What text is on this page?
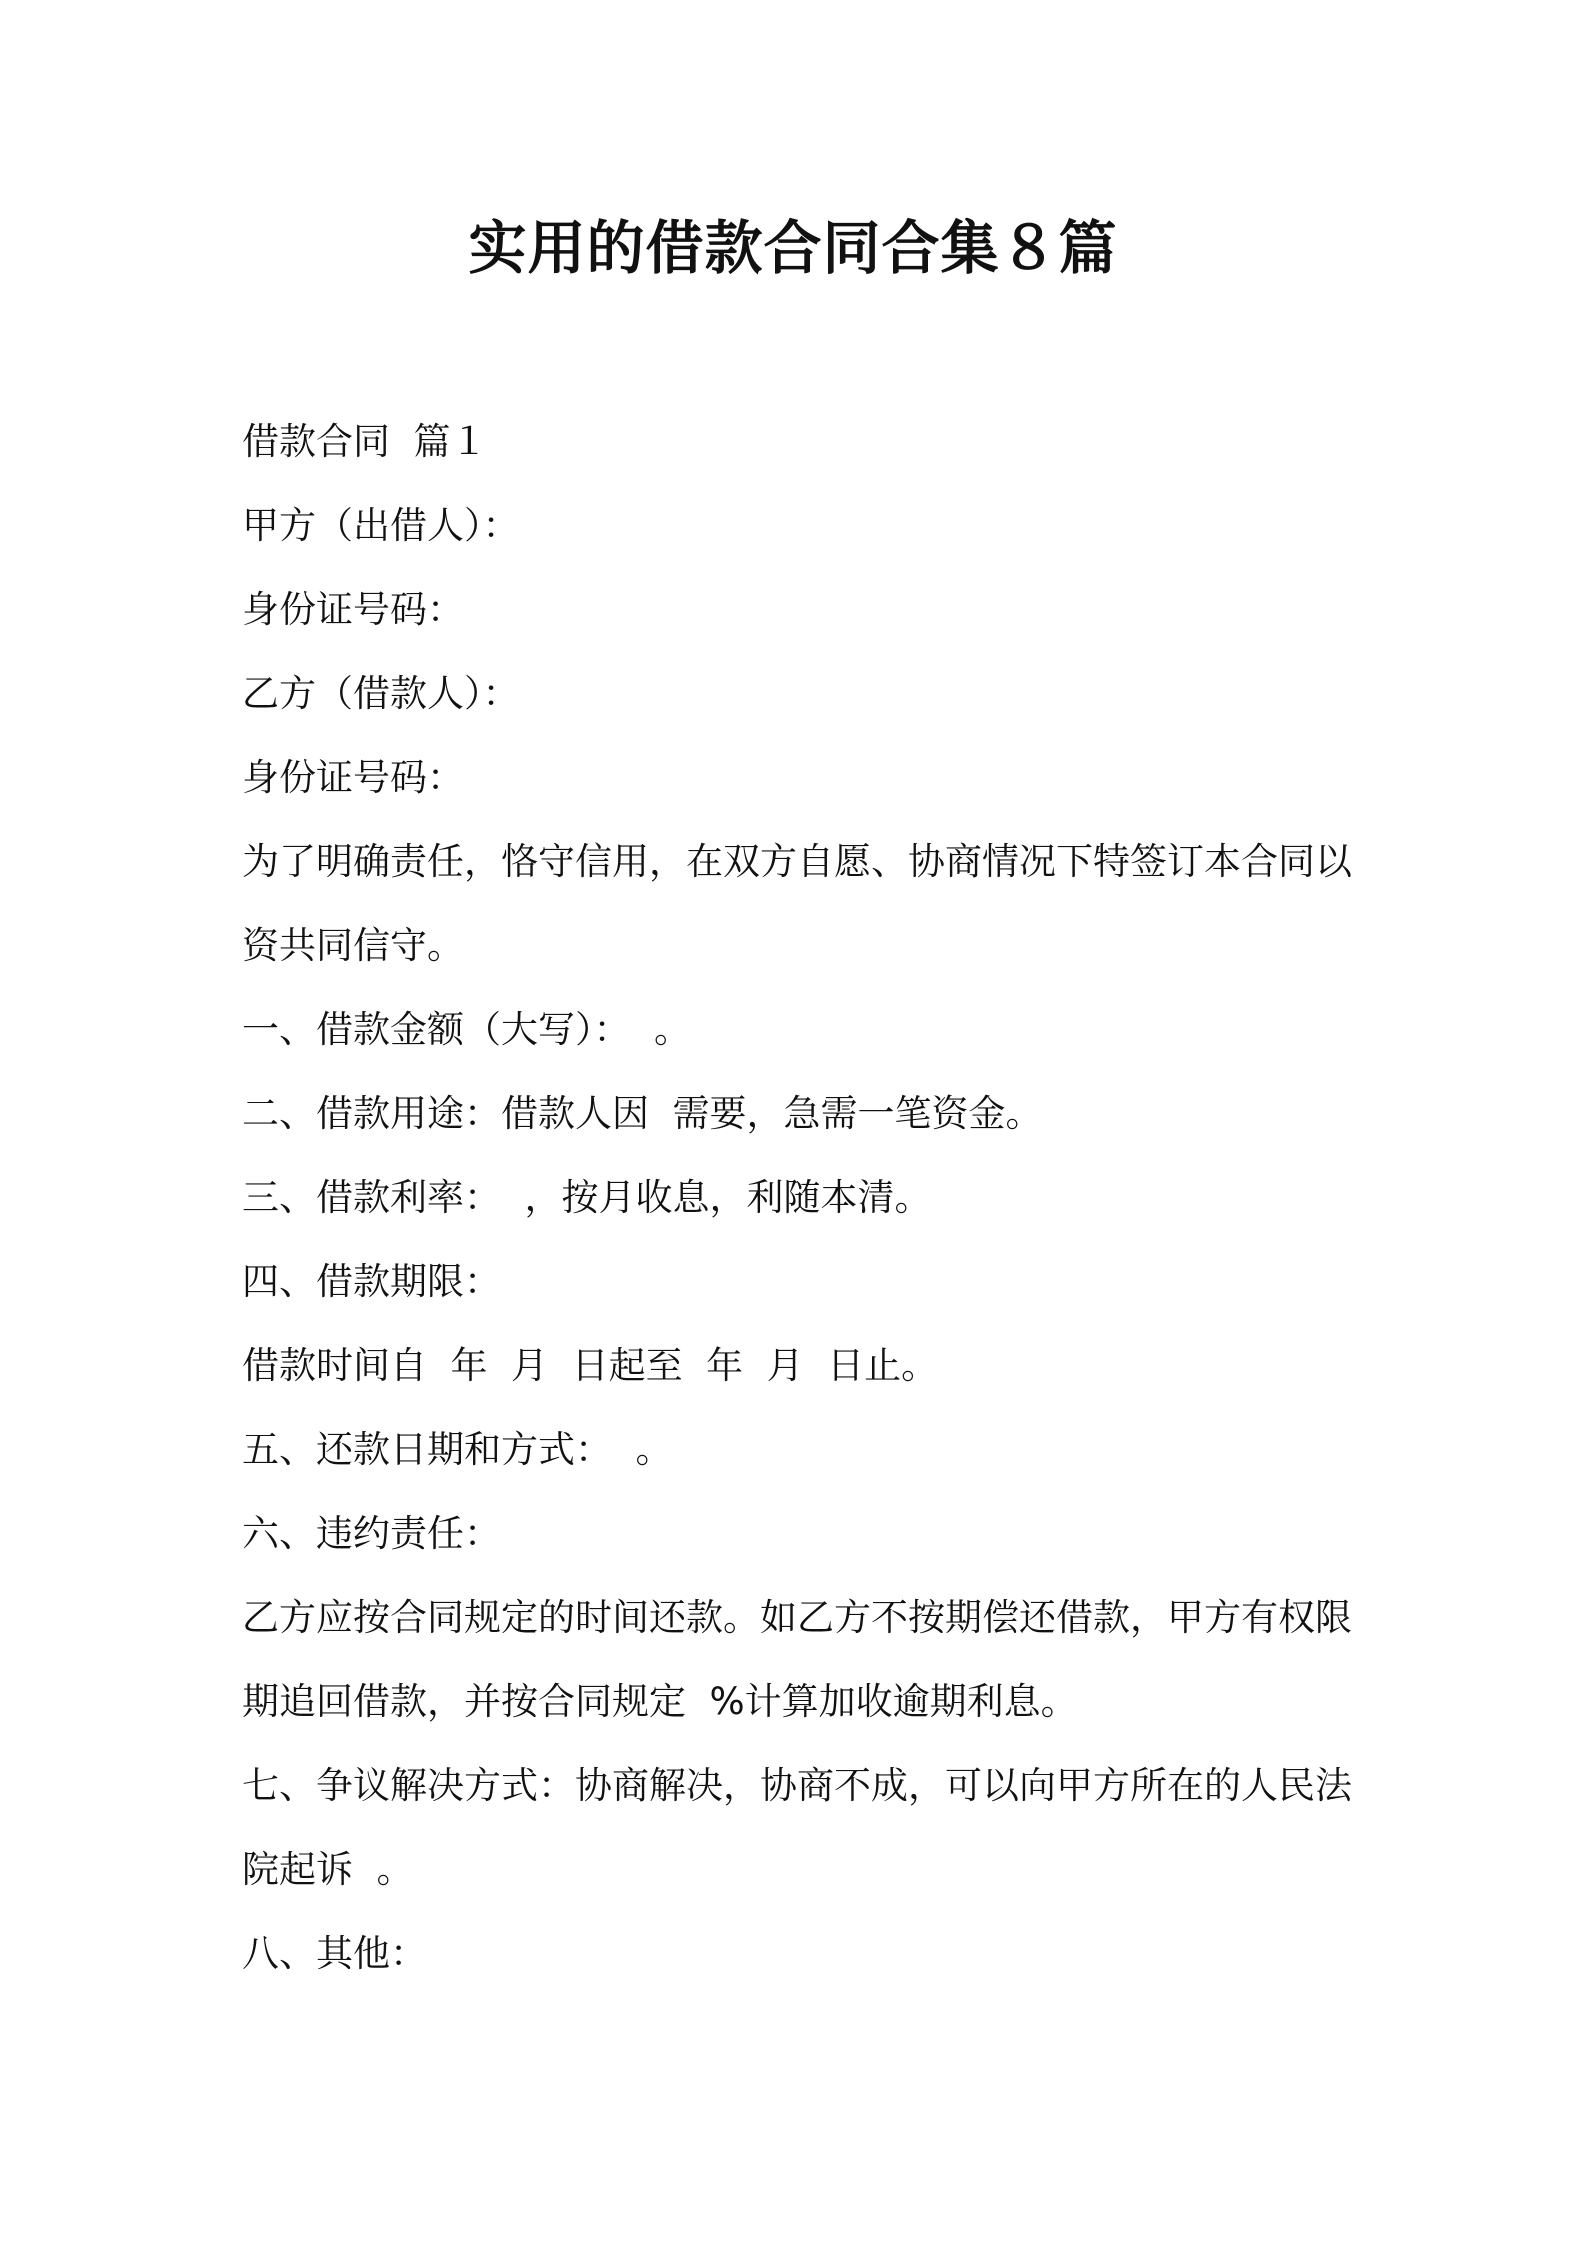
实用的借款合同合集８篇

借款合同  篇１

甲方（出借人）：

身份证号码：

乙方（借款人）：

身份证号码：

为了明确责任，恪守信用，在双方自愿、协商情况下特签订本合同以

资共同信守。

一、借款金额（大写）：  。

二、借款用途：借款人因  需要，急需一笔资金。

三、借款利率：  ，按月收息，利随本清。

四、借款期限：

借款时间自  年  月  日起至  年  月  日止。

五、还款日期和方式：  。

六、违约责任：

乙方应按合同规定的时间还款。如乙方不按期偿还借款，甲方有权限

期追回借款，并按合同规定  %计算加收逾期利息。

七、争议解决方式：协商解决，协商不成，可以向甲方所在的人民法

院起诉  。

八、其他：
